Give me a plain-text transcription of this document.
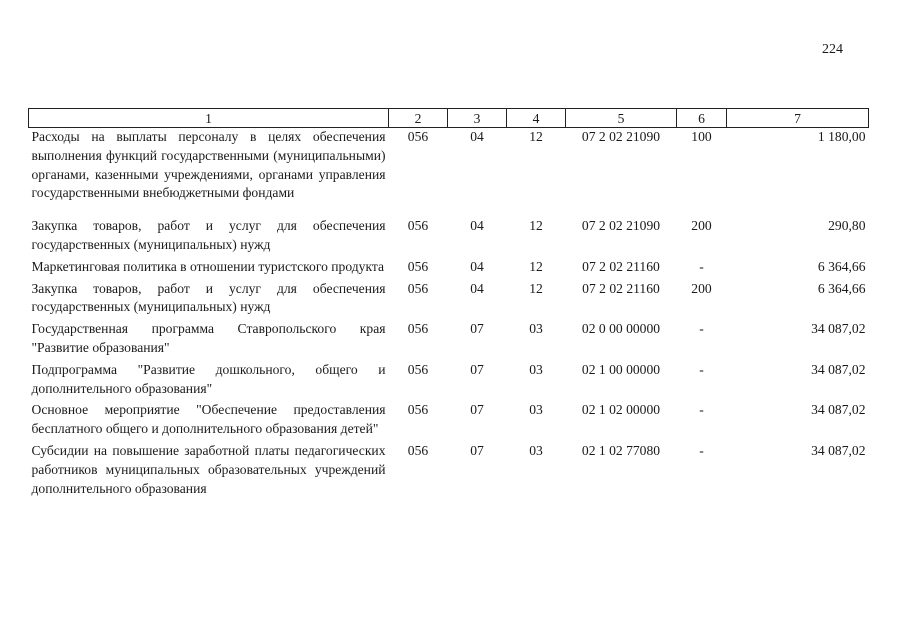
224
1	2	3	4	5	6	7
Расходы на выплаты персоналу в целях обеспечения выполнения функций государственными (муниципальными) органами, казенными учреждениями, органами управления государственными внебюджетными фондами	056	04	12	07 2 02 21090	100	1 180,00
Закупка товаров, работ и услуг для обеспечения государственных (муниципальных) нужд	056	04	12	07 2 02 21090	200	290,80
Маркетинговая политика в отношении туристского продукта	056	04	12	07 2 02 21160	-	6 364,66
Закупка товаров, работ и услуг для обеспечения государственных (муниципальных) нужд	056	04	12	07 2 02 21160	200	6 364,66
Государственная программа Ставропольского края "Развитие образования"	056	07	03	02 0 00 00000	-	34 087,02
Подпрограмма "Развитие дошкольного, общего и дополнительного образования"	056	07	03	02 1 00 00000	-	34 087,02
Основное мероприятие "Обеспечение предоставления бесплатного общего и дополнительного образования детей"	056	07	03	02 1 02 00000	-	34 087,02
Субсидии на повышение заработной платы педагогических работников муниципальных образовательных учреждений дополнительного образования	056	07	03	02 1 02 77080	-	34 087,02
